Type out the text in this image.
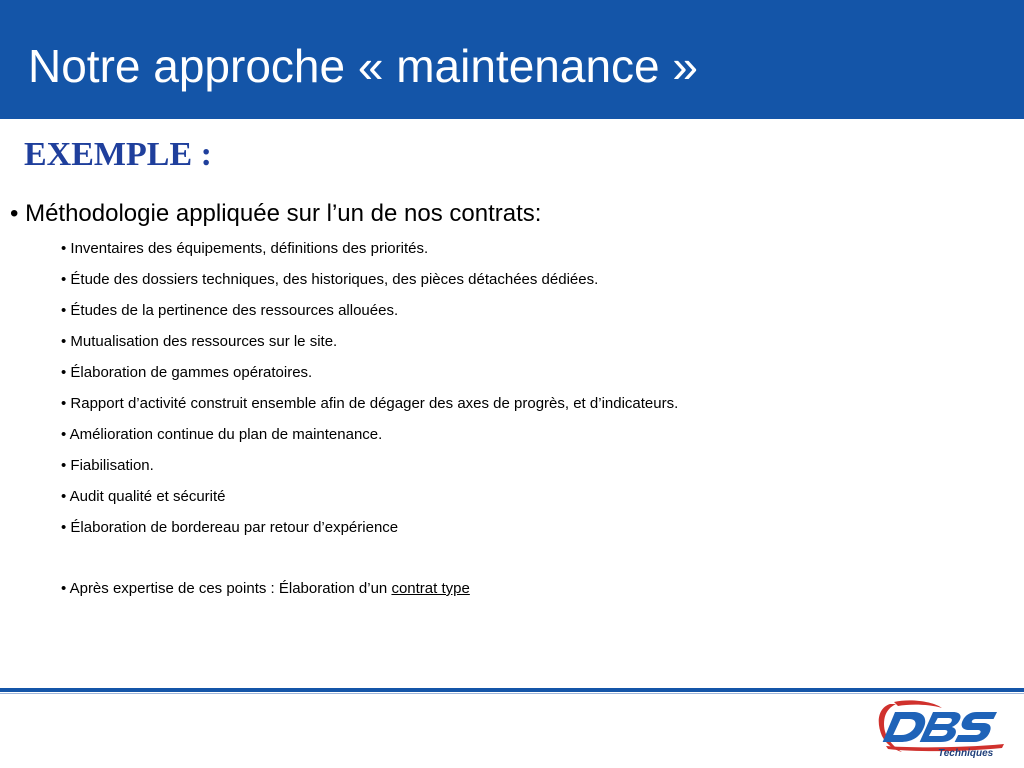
Notre approche « maintenance »
EXEMPLE :
• Méthodologie appliquée sur l’un de nos contrats:
• Inventaires des équipements, définitions des priorités.
• Étude des dossiers techniques, des historiques, des pièces détachées dédiées.
• Études de la pertinence des ressources allouées.
• Mutualisation des ressources sur le site.
• Élaboration de gammes opératoires.
• Rapport d’activité construit ensemble afin de dégager des axes de progrès, et d’indicateurs.
• Amélioration continue du plan de maintenance.
• Fiabilisation.
• Audit qualité et sécurité
• Élaboration de bordereau par retour d’expérience
• Après expertise de ces points : Élaboration d’un contrat type
Techniques
